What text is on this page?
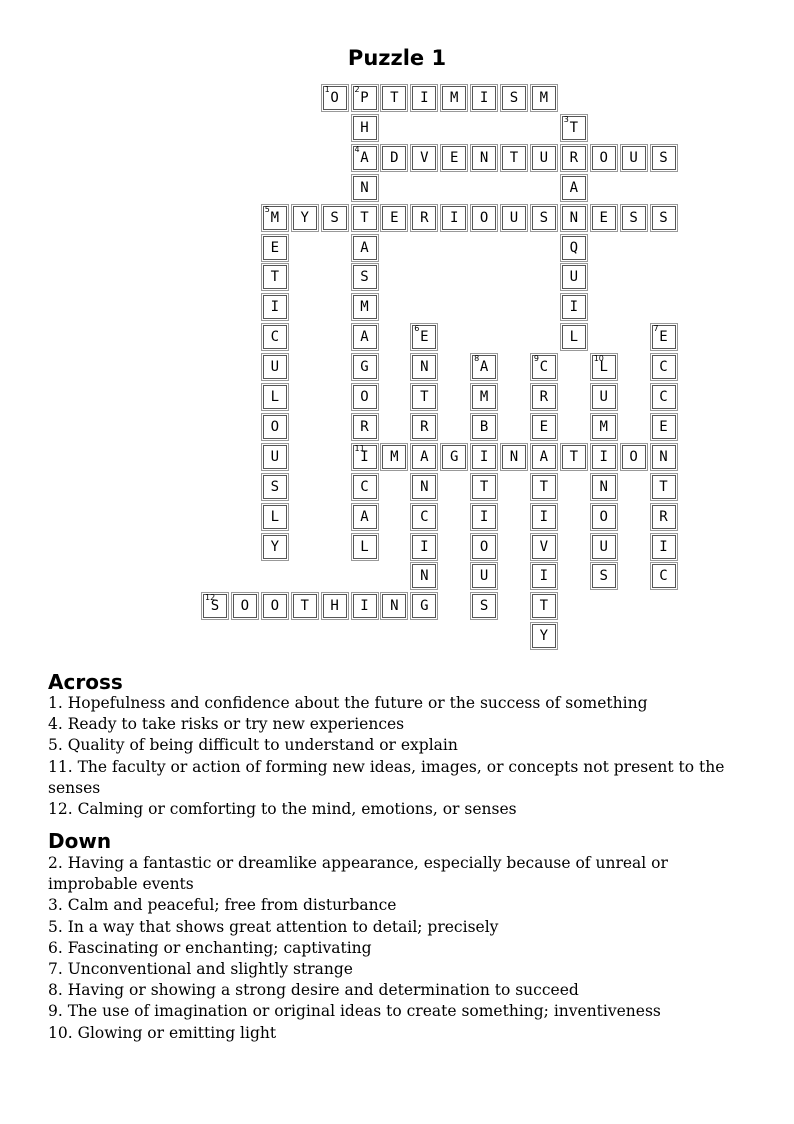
Puzzle 1
1
O
2
P	T	I	M	I	S	M
H
3
T
4
A	D	V	E	N	T	U	R	O	U	S
N	A
5
M	Y	S	T	E	R	I	O	U	S	N	E	S	S
E	A	Q
T	S	U
I	M	I
C	A
6
E	L
7
E
U	G	N
8
A
9
C
10
L	C
L	O	T	M	R	U	C
O	R	R	B	E	M	E
U
11
I	M	A	G	I	N	A	T	I	O	N
S	C	N	T	T	N	T
L	A	C	I	I	O	R
Y	L	I	O	V	U	I
N	U	I	S	C
12
S	O	O	T	H	I	N	G	S	T
Y
Across
1. Hopefulness and confidence about the future or the success of something
4. Ready to take risks or try new experiences
5. Quality of being difficult to understand or explain
11. The faculty or action of forming new ideas, images, or concepts not present to the senses
12. Calming or comforting to the mind, emotions, or senses
Down
2. Having a fantastic or dreamlike appearance, especially because of unreal or improbable events
3. Calm and peaceful; free from disturbance
5. In a way that shows great attention to detail; precisely
6. Fascinating or enchanting; captivating
7. Unconventional and slightly strange
8. Having or showing a strong desire and determination to succeed
9. The use of imagination or original ideas to create something; inventiveness
10. Glowing or emitting light
